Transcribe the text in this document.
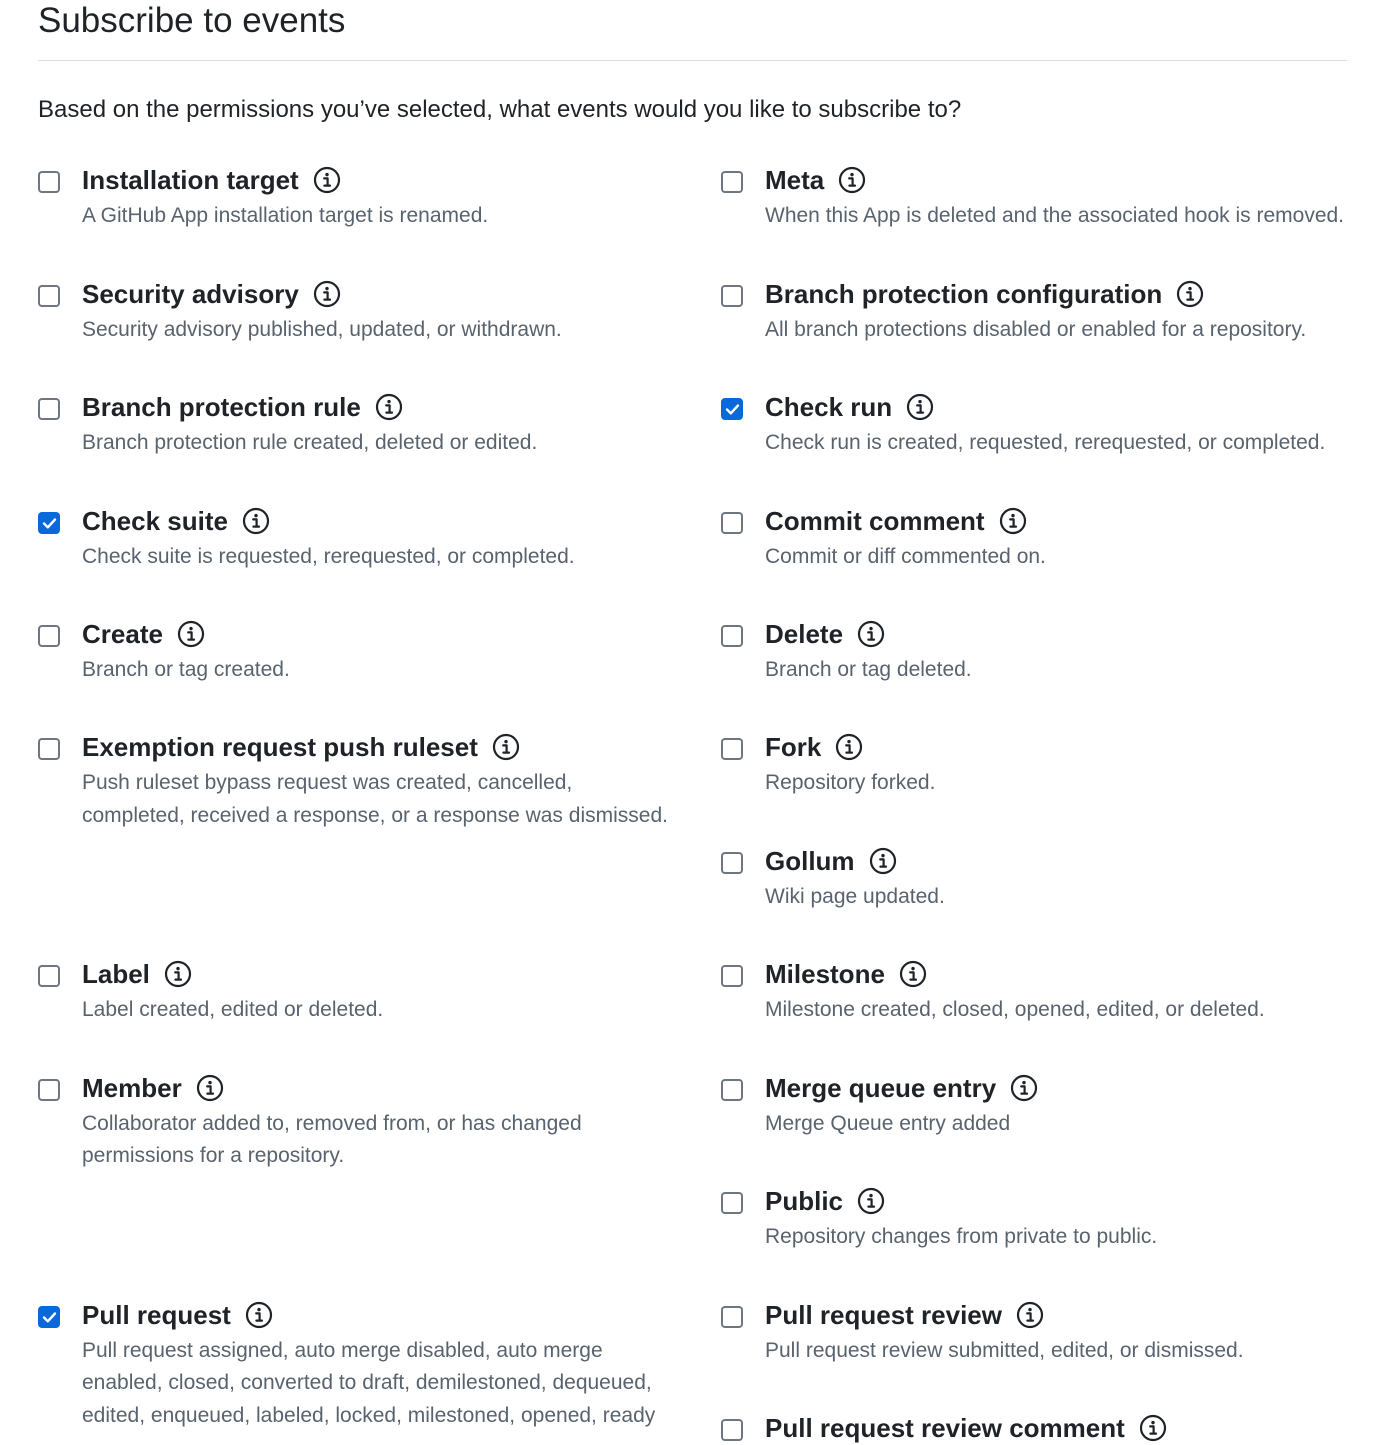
Subscribe to events
Based on the permissions you’ve selected, what events would you like to subscribe to?
Installation target
A GitHub App installation target is renamed.
Meta
When this App is deleted and the associated hook is removed.
Security advisory
Security advisory published, updated, or withdrawn.
Branch protection configuration
All branch protections disabled or enabled for a repository.
Branch protection rule
Branch protection rule created, deleted or edited.
Check run
Check run is created, requested, rerequested, or completed.
Check suite
Check suite is requested, rerequested, or completed.
Commit comment
Commit or diff commented on.
Create
Branch or tag created.
Delete
Branch or tag deleted.
Exemption request push ruleset
Push ruleset bypass request was created, cancelled, completed, received a response, or a response was dismissed.
Fork
Repository forked.
Gollum
Wiki page updated.
Label
Label created, edited or deleted.
Milestone
Milestone created, closed, opened, edited, or deleted.
Member
Collaborator added to, removed from, or has changed permissions for a repository.
Merge queue entry
Merge Queue entry added
Public
Repository changes from private to public.
Pull request
Pull request assigned, auto merge disabled, auto merge enabled, closed, converted to draft, demilestoned, dequeued, edited, enqueued, labeled, locked, milestoned, opened, ready
Pull request review
Pull request review submitted, edited, or dismissed.
Pull request review comment
